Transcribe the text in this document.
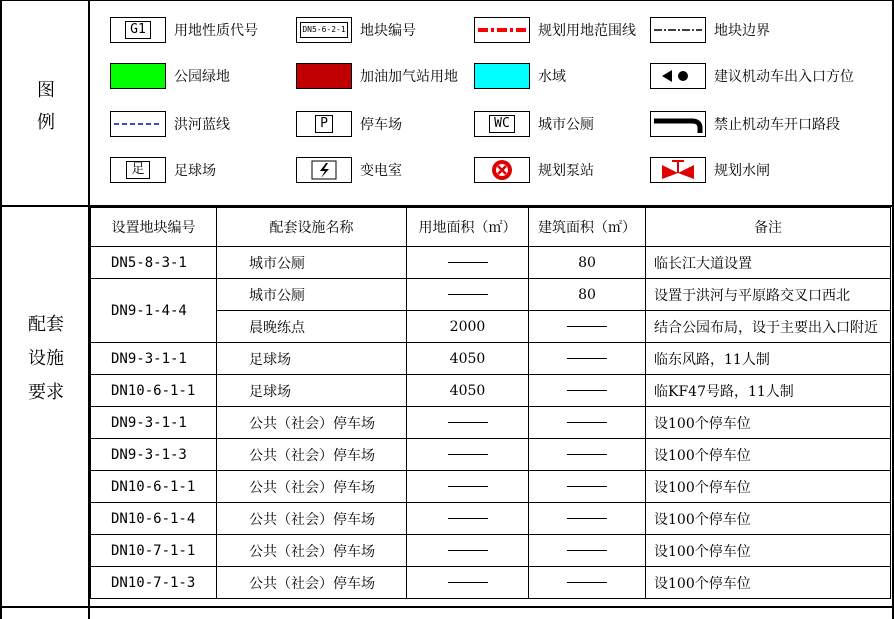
图
例
G1	用地性质代号	DN5-6-2-1 地块编号	规划用地范围线	地块边界
公园绿地	加油加气站用地	水域	建议机动车出入口方位
洪河蓝线	P	停车场	WC	城市公厕	禁止机动车开口路段
足	足球场	变电室	规划泵站	规划水闸
配套
设施
要求
设置地块编号	配套设施名称	用地面积（㎡）	建筑面积（㎡）	备注
DN5-8-3-1	城市公厕		80	临长江大道设置
DN9-1-4-4	城市公厕		80	设置于洪河与平原路交叉口西北
	晨晚练点	2000		结合公园布局，设于主要出入口附近
DN9-3-1-1	足球场	4050		临东风路，11人制
DN10-6-1-1	足球场	4050		临KF47号路，11人制
DN9-3-1-1	公共（社会）停车场			设100个停车位
DN9-3-1-3	公共（社会）停车场			设100个停车位
DN10-6-1-1	公共（社会）停车场			设100个停车位
DN10-6-1-4	公共（社会）停车场			设100个停车位
DN10-7-1-1	公共（社会）停车场			设100个停车位
DN10-7-1-3	公共（社会）停车场			设100个停车位
